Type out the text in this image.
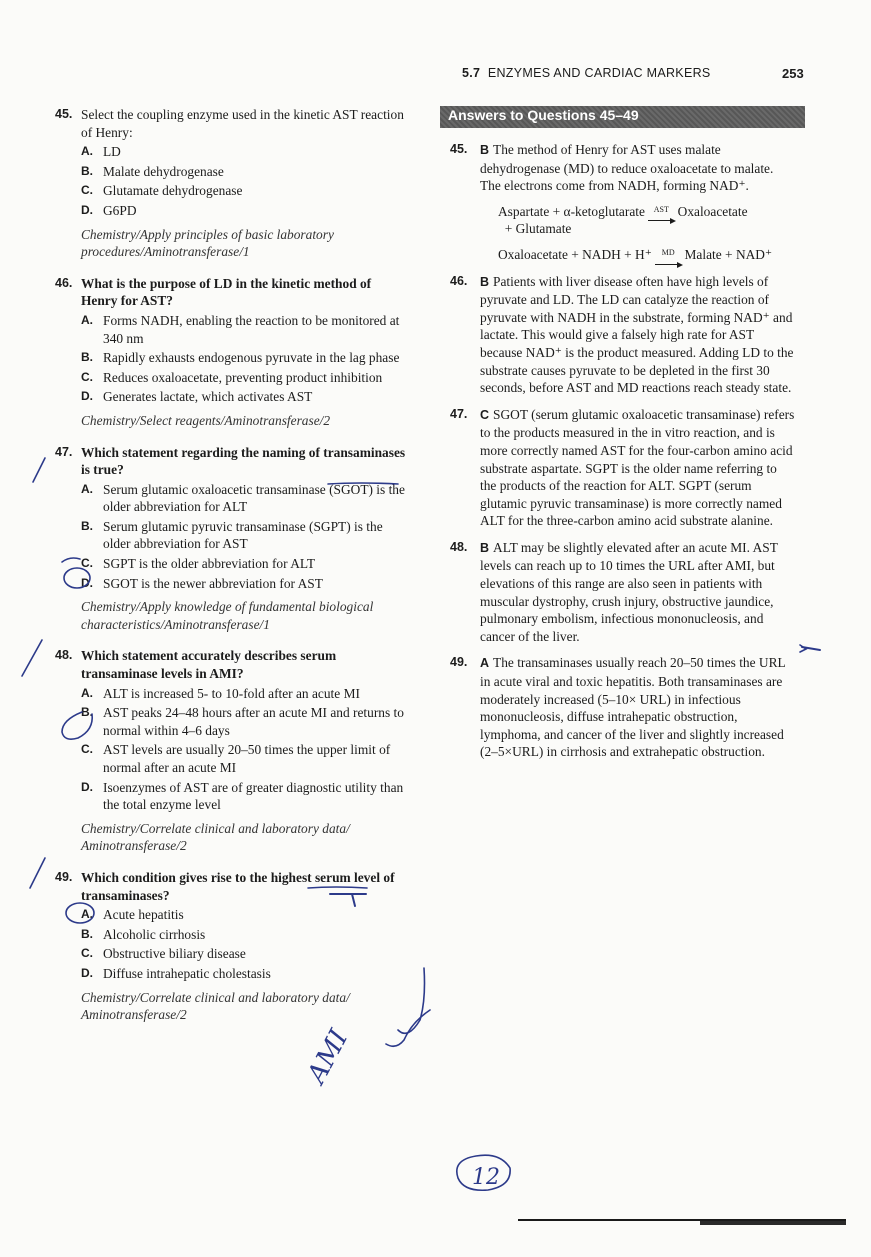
5.7 ENZYMES AND CARDIAC MARKERS	253
45. Select the coupling enzyme used in the kinetic AST reaction of Henry:
A. LD
B. Malate dehydrogenase
C. Glutamate dehydrogenase
D. G6PD
Chemistry/Apply principles of basic laboratory procedures/Aminotransferase/1
46. What is the purpose of LD in the kinetic method of Henry for AST?
A. Forms NADH, enabling the reaction to be monitored at 340 nm
B. Rapidly exhausts endogenous pyruvate in the lag phase
C. Reduces oxaloacetate, preventing product inhibition
D. Generates lactate, which activates AST
Chemistry/Select reagents/Aminotransferase/2
47. Which statement regarding the naming of transaminases is true?
A. Serum glutamic oxaloacetic transaminase (SGOT) is the older abbreviation for ALT
B. Serum glutamic pyruvic transaminase (SGPT) is the older abbreviation for AST
C. SGPT is the older abbreviation for ALT
D. SGOT is the newer abbreviation for AST
Chemistry/Apply knowledge of fundamental biological characteristics/Aminotransferase/1
48. Which statement accurately describes serum transaminase levels in AMI?
A. ALT is increased 5- to 10-fold after an acute MI
B. AST peaks 24–48 hours after an acute MI and returns to normal within 4–6 days
C. AST levels are usually 20–50 times the upper limit of normal after an acute MI
D. Isoenzymes of AST are of greater diagnostic utility than the total enzyme level
Chemistry/Correlate clinical and laboratory data/ Aminotransferase/2
49. Which condition gives rise to the highest serum level of transaminases?
A. Acute hepatitis
B. Alcoholic cirrhosis
C. Obstructive biliary disease
D. Diffuse intrahepatic cholestasis
Chemistry/Correlate clinical and laboratory data/ Aminotransferase/2
Answers to Questions 45–49
45. B The method of Henry for AST uses malate dehydrogenase (MD) to reduce oxaloacetate to malate. The electrons come from NADH, forming NAD⁺.
Aspartate + α-ketoglutarate AST Oxaloacetate
+ Glutamate
Oxaloacetate + NADH + H⁺ MD Malate + NAD⁺
46. B Patients with liver disease often have high levels of pyruvate and LD. The LD can catalyze the reaction of pyruvate with NADH in the substrate, forming NAD⁺ and lactate. This would give a falsely high rate for AST because NAD⁺ is the product measured. Adding LD to the substrate causes pyruvate to be depleted in the first 30 seconds, before AST and MD reactions reach steady state.
47. C SGOT (serum glutamic oxaloacetic transaminase) refers to the products measured in the in vitro reaction, and is more correctly named AST for the four-carbon amino acid substrate aspartate. SGPT is the older name referring to the products of the reaction for ALT. SGPT (serum glutamic pyruvic transaminase) is more correctly named ALT for the three-carbon amino acid substrate alanine.
48. B ALT may be slightly elevated after an acute MI. AST levels can reach up to 10 times the URL after AMI, but elevations of this range are also seen in patients with muscular dystrophy, crush injury, obstructive jaundice, pulmonary embolism, infectious mononucleosis, and cancer of the liver.
49. A The transaminases usually reach 20–50 times the URL in acute viral and toxic hepatitis. Both transaminases are moderately increased (5–10× URL) in infectious mononucleosis, diffuse intrahepatic obstruction, lymphoma, and cancer of the liver and slightly increased (2–5×URL) in cirrhosis and extrahepatic obstruction.
AMI
12
